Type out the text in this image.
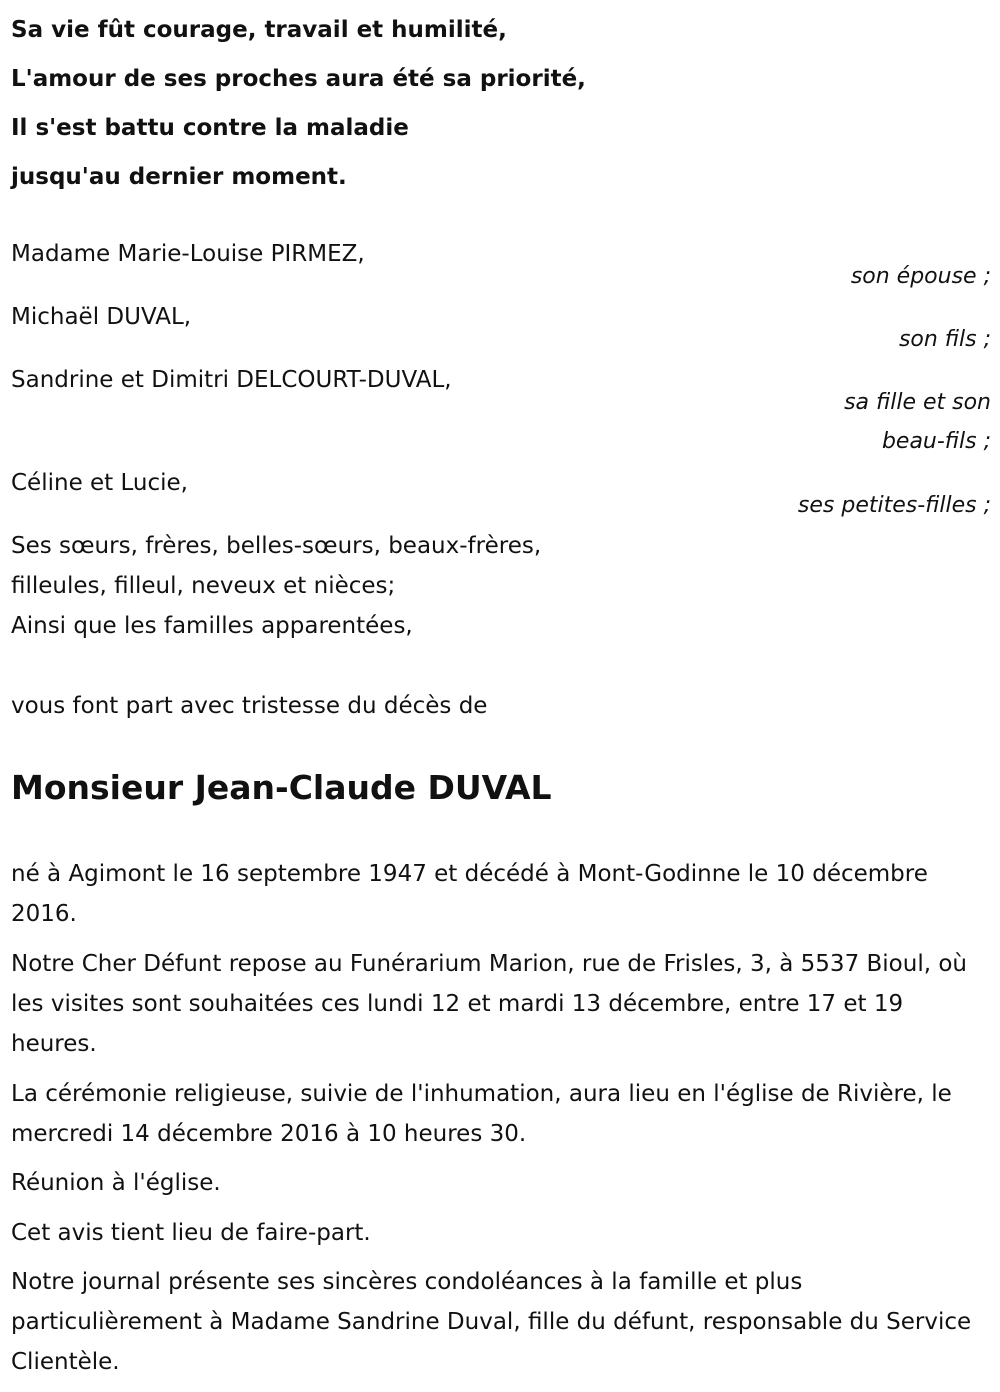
Sa vie fût courage, travail et humilité,
L'amour de ses proches aura été sa priorité,
Il s'est battu contre la maladie
jusqu'au dernier moment.
Madame Marie-Louise PIRMEZ,
son épouse ;
Michaël DUVAL,
son fils ;
Sandrine et Dimitri DELCOURT-DUVAL,
sa fille et son
beau-fils ;
Céline et Lucie,
ses petites-filles ;
Ses sœurs, frères, belles-sœurs, beaux-frères,
filleules, filleul, neveux et nièces;
Ainsi que les familles apparentées,
vous font part avec tristesse du décès de
Monsieur Jean-Claude DUVAL
né à Agimont le 16 septembre 1947 et décédé à Mont-Godinne le 10 décembre 2016.
Notre Cher Défunt repose au Funérarium Marion, rue de Frisles, 3, à 5537 Bioul, où les visites sont souhaitées ces lundi 12 et mardi 13 décembre, entre 17 et 19 heures.
La cérémonie religieuse, suivie de l'inhumation, aura lieu en l'église de Rivière, le mercredi 14 décembre 2016 à 10 heures 30.
Réunion à l'église.
Cet avis tient lieu de faire-part.
Notre journal présente ses sincères condoléances à la famille et plus particulièrement à Madame Sandrine Duval, fille du défunt, responsable du Service Clientèle.
